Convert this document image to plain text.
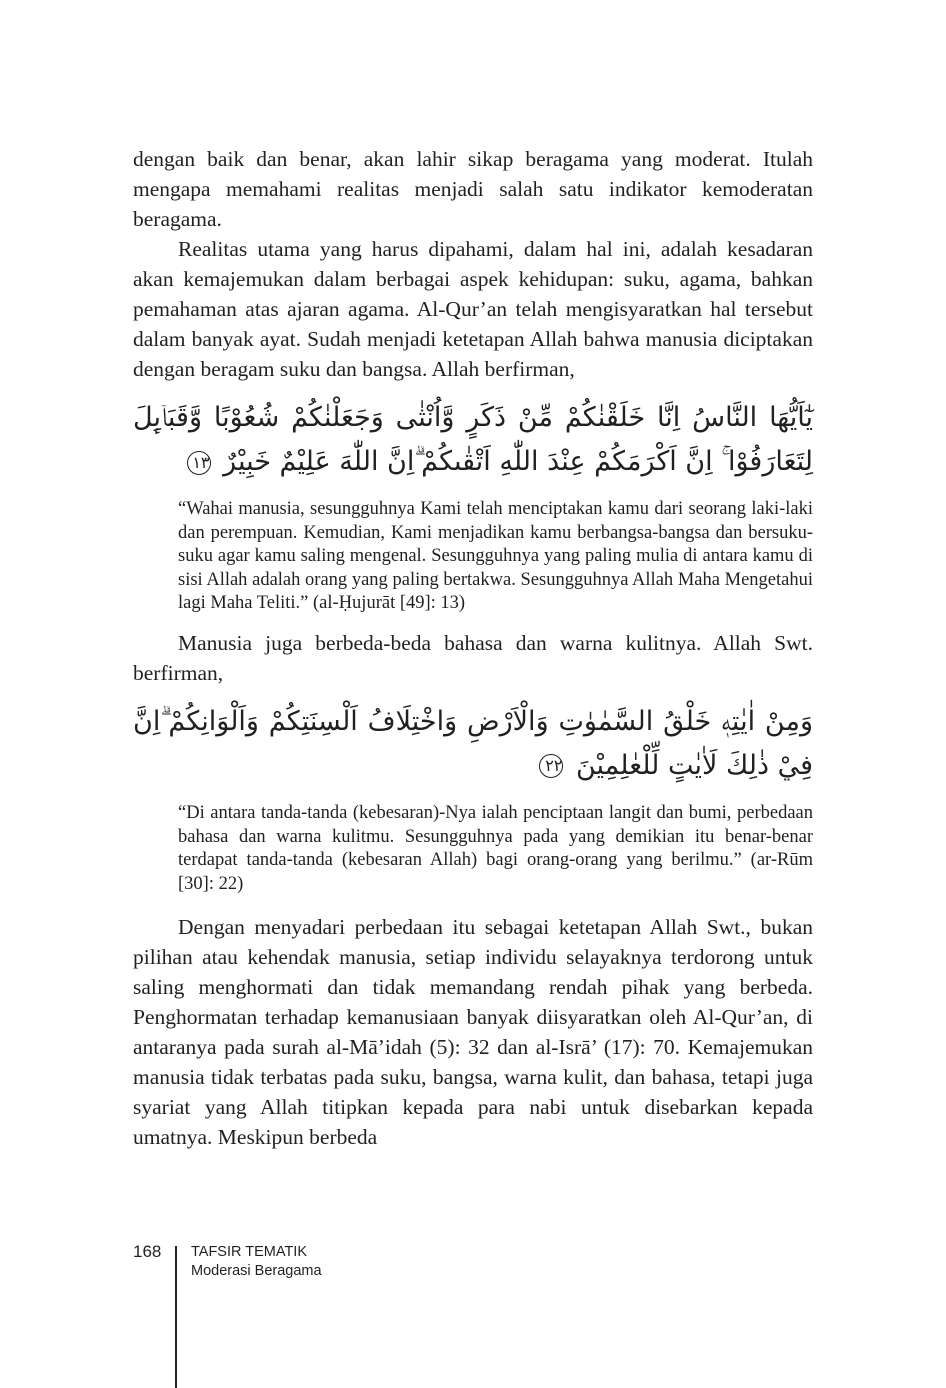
dengan baik dan benar, akan lahir sikap beragama yang moderat. Itulah mengapa memahami realitas menjadi salah satu indikator kemoderatan beragama.

Realitas utama yang harus dipahami, dalam hal ini, adalah kesadaran akan kemajemukan dalam berbagai aspek kehidupan: suku, agama, bahkan pemahaman atas ajaran agama. Al-Qur’an telah mengisyaratkan hal tersebut dalam banyak ayat. Sudah menjadi ketetapan Allah bahwa manusia diciptakan dengan beragam suku dan bangsa. Allah berfirman,

يٰٓاَيُّهَا النَّاسُ اِنَّا خَلَقْنٰكُمْ مِّنْ ذَكَرٍ وَّاُنْثٰى وَجَعَلْنٰكُمْ شُعُوْبًا وَّقَبَاۤىِٕلَ لِتَعَارَفُوْا ۚ اِنَّ اَكْرَمَكُمْ عِنْدَ اللّٰهِ اَتْقٰىكُمْ ۗاِنَّ اللّٰهَ عَلِيْمٌ خَبِيْرٌ ١٣

“Wahai manusia, sesungguhnya Kami telah menciptakan kamu dari seorang laki-laki dan perempuan. Kemudian, Kami menjadikan kamu berbangsa-bangsa dan bersuku-suku agar kamu saling mengenal. Sesungguhnya yang paling mulia di antara kamu di sisi Allah adalah orang yang paling bertakwa. Sesungguhnya Allah Maha Mengetahui lagi Maha Teliti.” (al-Ḥujurāt [49]: 13)

Manusia juga berbeda-beda bahasa dan warna kulitnya. Allah Swt. berfirman,

وَمِنْ اٰيٰتِهٖ خَلْقُ السَّمٰوٰتِ وَالْاَرْضِ وَاخْتِلَافُ اَلْسِنَتِكُمْ وَاَلْوَانِكُمْ ۗاِنَّ فِيْ ذٰلِكَ لَاٰيٰتٍ لِّلْعٰلِمِيْنَ ٢٢

“Di antara tanda-tanda (kebesaran)-Nya ialah penciptaan langit dan bumi, perbedaan bahasa dan warna kulitmu. Sesungguhnya pada yang demikian itu benar-benar terdapat tanda-tanda (kebesaran Allah) bagi orang-orang yang berilmu.” (ar-Rūm [30]: 22)

Dengan menyadari perbedaan itu sebagai ketetapan Allah Swt., bukan pilihan atau kehendak manusia, setiap individu selayaknya terdorong untuk saling menghormati dan tidak memandang rendah pihak yang berbeda. Penghormatan terhadap kemanusiaan banyak diisyaratkan oleh Al-Qur’an, di antaranya pada surah al-Mā’idah (5): 32 dan al-Isrā’ (17): 70. Kemajemukan manusia tidak terbatas pada suku, bangsa, warna kulit, dan bahasa, tetapi juga syariat yang Allah titipkan kepada para nabi untuk disebarkan kepada umatnya. Meskipun berbeda

168 TAFSIR TEMATIK
Moderasi Beragama
